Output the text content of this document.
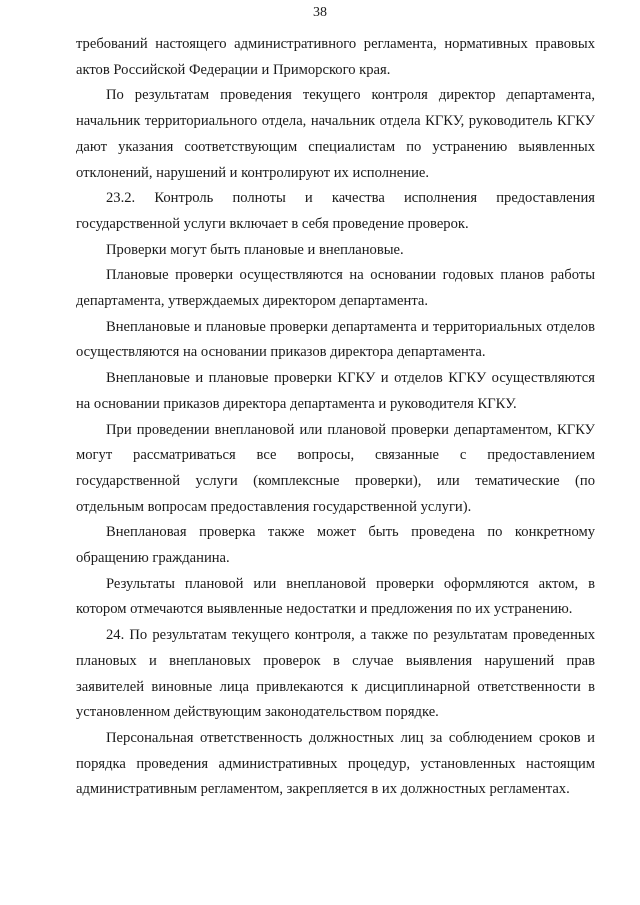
38

требований настоящего административного регламента, нормативных правовых актов Российской Федерации и Приморского края.

По результатам проведения текущего контроля директор департамента, начальник территориального отдела, начальник отдела КГКУ, руководитель КГКУ дают указания соответствующим специалистам по устранению выявленных отклонений, нарушений и контролируют их исполнение.

23.2. Контроль полноты и качества исполнения предоставления государственной услуги включает в себя проведение проверок.

Проверки могут быть плановые и внеплановые.

Плановые проверки осуществляются на основании годовых планов работы департамента, утверждаемых директором департамента.

Внеплановые и плановые проверки департамента и территориальных отделов осуществляются на основании приказов директора департамента.

Внеплановые и плановые проверки КГКУ и отделов КГКУ осуществляются на основании приказов директора департамента и руководителя КГКУ.

При проведении внеплановой или плановой проверки департаментом, КГКУ могут рассматриваться все вопросы, связанные с предоставлением государственной услуги (комплексные проверки), или тематические (по отдельным вопросам предоставления государственной услуги).

Внеплановая проверка также может быть проведена по конкретному обращению гражданина.

Результаты плановой или внеплановой проверки оформляются актом, в котором отмечаются выявленные недостатки и предложения по их устранению.

24. По результатам текущего контроля, а также по результатам проведенных плановых и внеплановых проверок в случае выявления нарушений прав заявителей виновные лица привлекаются к дисциплинарной ответственности в установленном действующим законодательством порядке.

Персональная ответственность должностных лиц за соблюдением сроков и порядка проведения административных процедур, установленных настоящим административным регламентом, закрепляется в их должностных регламентах.
